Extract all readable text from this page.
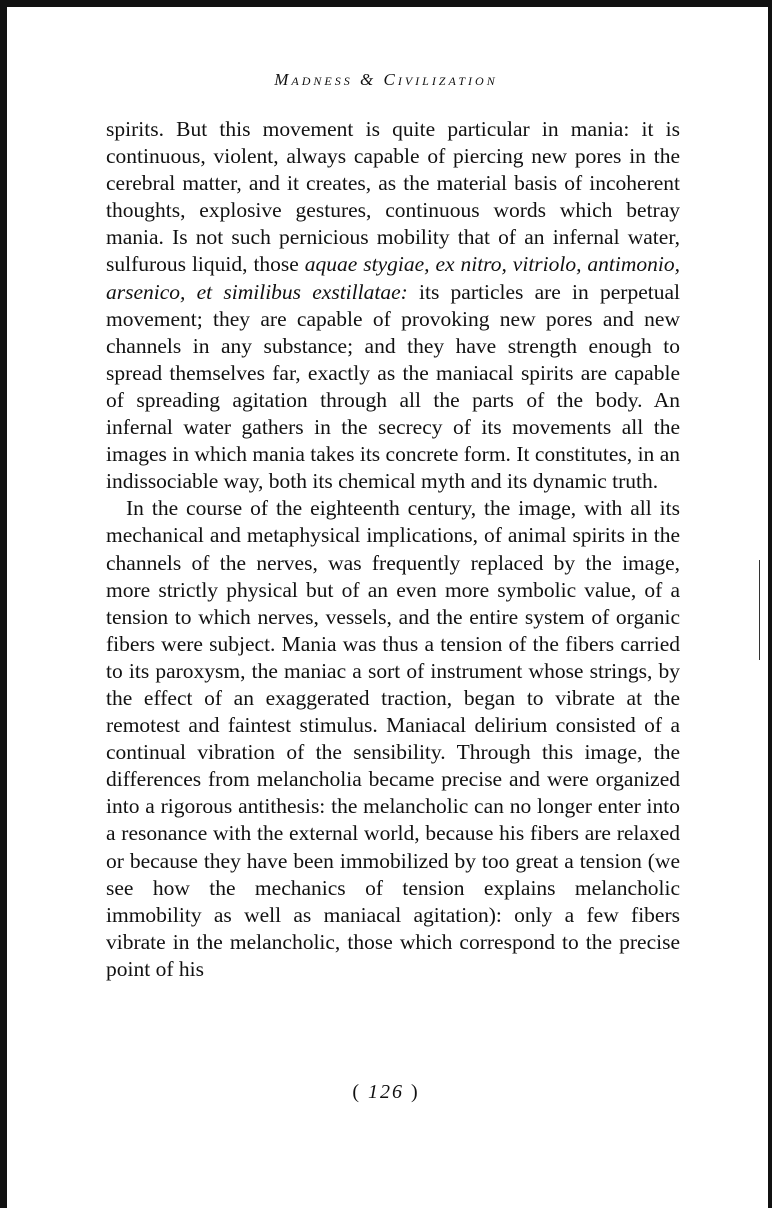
Madness & Civilization

spirits. But this movement is quite particular in mania: it is continuous, violent, always capable of piercing new pores in the cerebral matter, and it creates, as the material basis of incoherent thoughts, explosive gestures, continuous words which betray mania. Is not such pernicious mobility that of an infernal water, sulfurous liquid, those aquae stygiae, ex nitro, vitriolo, antimonio, arsenico, et similibus exstillatae: its particles are in perpetual movement; they are capable of provoking new pores and new channels in any substance; and they have strength enough to spread themselves far, exactly as the maniacal spirits are capable of spreading agitation through all the parts of the body. An infernal water gathers in the secrecy of its movements all the images in which mania takes its concrete form. It constitutes, in an indissociable way, both its chemical myth and its dynamic truth.

In the course of the eighteenth century, the image, with all its mechanical and metaphysical implications, of animal spirits in the channels of the nerves, was frequently replaced by the image, more strictly physical but of an even more symbolic value, of a tension to which nerves, vessels, and the entire system of organic fibers were subject. Mania was thus a tension of the fibers carried to its paroxysm, the maniac a sort of instrument whose strings, by the effect of an exaggerated traction, began to vibrate at the remotest and faintest stimulus. Maniacal delirium consisted of a continual vibration of the sensibility. Through this image, the differences from melancholia became precise and were organized into a rigorous antithesis: the melancholic can no longer enter into a resonance with the external world, because his fibers are relaxed or because they have been immobilized by too great a tension (we see how the mechanics of tension explains melancholic immobility as well as maniacal agitation): only a few fibers vibrate in the melancholic, those which correspond to the precise point of his

( 126 )
